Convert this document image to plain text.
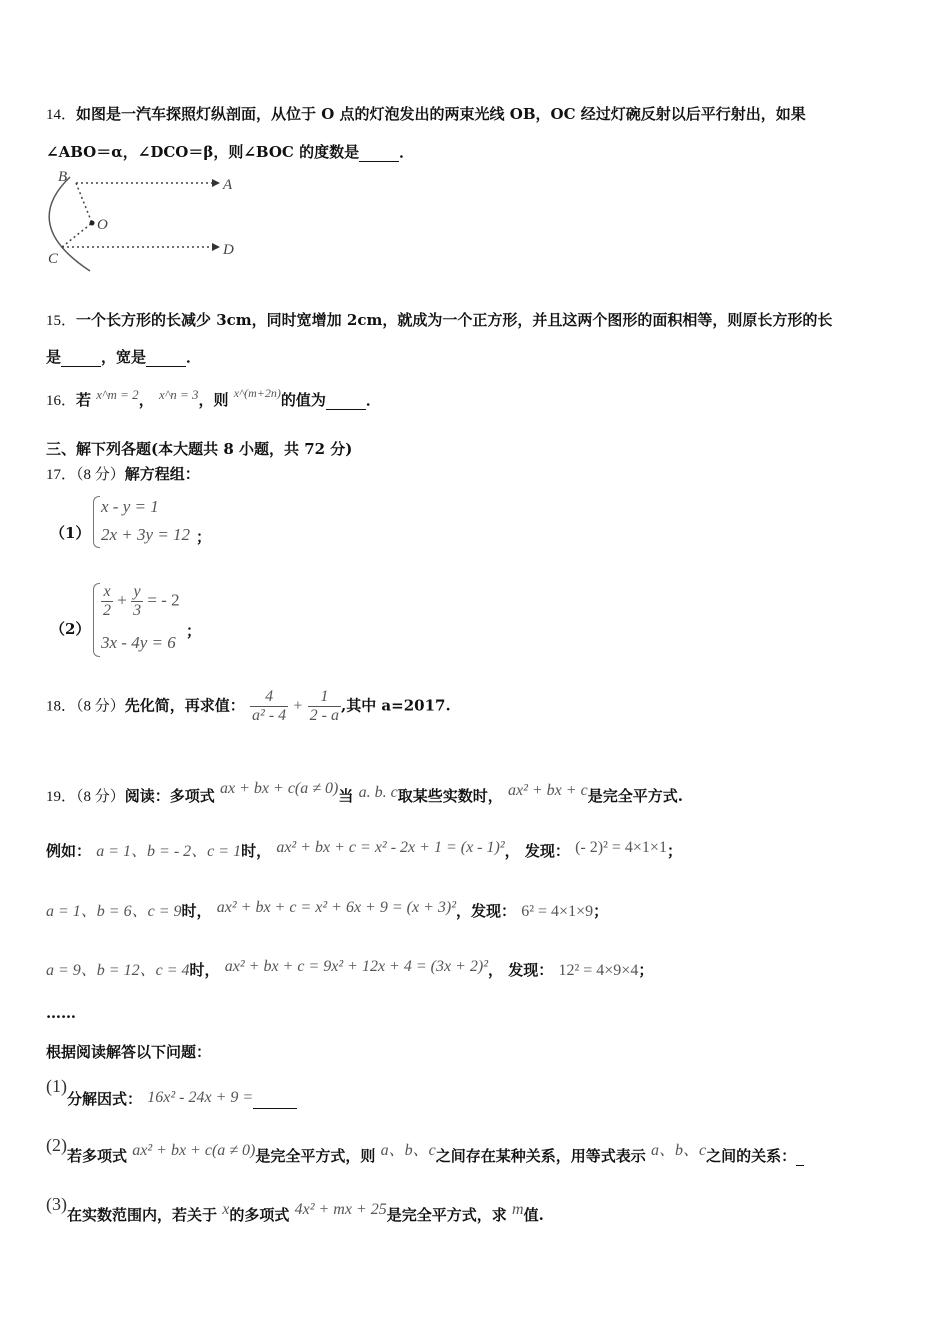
14．如图是一汽车探照灯纵剖面，从位于 O 点的灯泡发出的两束光线 OB，OC 经过灯碗反射以后平行射出，如果
∠ABO＝α，∠DCO＝β，则∠BOC 的度数是	．
B	A
O
C
D
15．一个长方形的长减少 3cm，同时宽增加 2cm，就成为一个正方形，并且这两个图形的面积相等，则原长方形的长
是	，宽是	．
16．若 x^m = 2， x^n = 3，则 $^{x\^{}(m+2n)}$的值为	．
三、解下列各题(本大题共 8 小题，共 72 分)
17．（8 分）解方程组：
（1）
x - y = 1
2x + 3y = 12 ；
（2）
$\frac{x}{2} + \frac{y}{3}$ = - 2
3x - 4y = 6
；
18．（8 分）先化简，再求值： $\frac{4}{\text{a² - 4}} + \frac{1}{2 - a}$ ,其中 a=2017.
19．（8 分）阅读：多项式 ax + bx + c(a ≠ 0)当 a. b. c取某些实数时， ax² + bx + c是完全平方式.
例如： a = 1、b = - 2、c = 1时， ax² + bx + c = x² - 2x + 1 = (x - 1)²， 发现： (- 2)² = 4×1×1；
a = 1、b = 6、c = 9时， ax² + bx + c = x² + 6x + 9 = (x + 3)²，发现： 6² = 4×1×9；
a = 9、b = 12、c = 4时， ax² + bx + c = 9x² + 12x + 4 = (3x + 2)²， 发现： 12² = 4×9×4；
……
根据阅读解答以下问题：
(1)分解因式： 16x² - 24x + 9 =
(2)若多项式 ax² + bx + c(a ≠ 0)是完全平方式，则 a、b、c之间存在某种关系，用等式表示 a、b、c之间的关系：
(3)在实数范围内，若关于 x的多项式 4x² + mx + 25是完全平方式，求 m值.
